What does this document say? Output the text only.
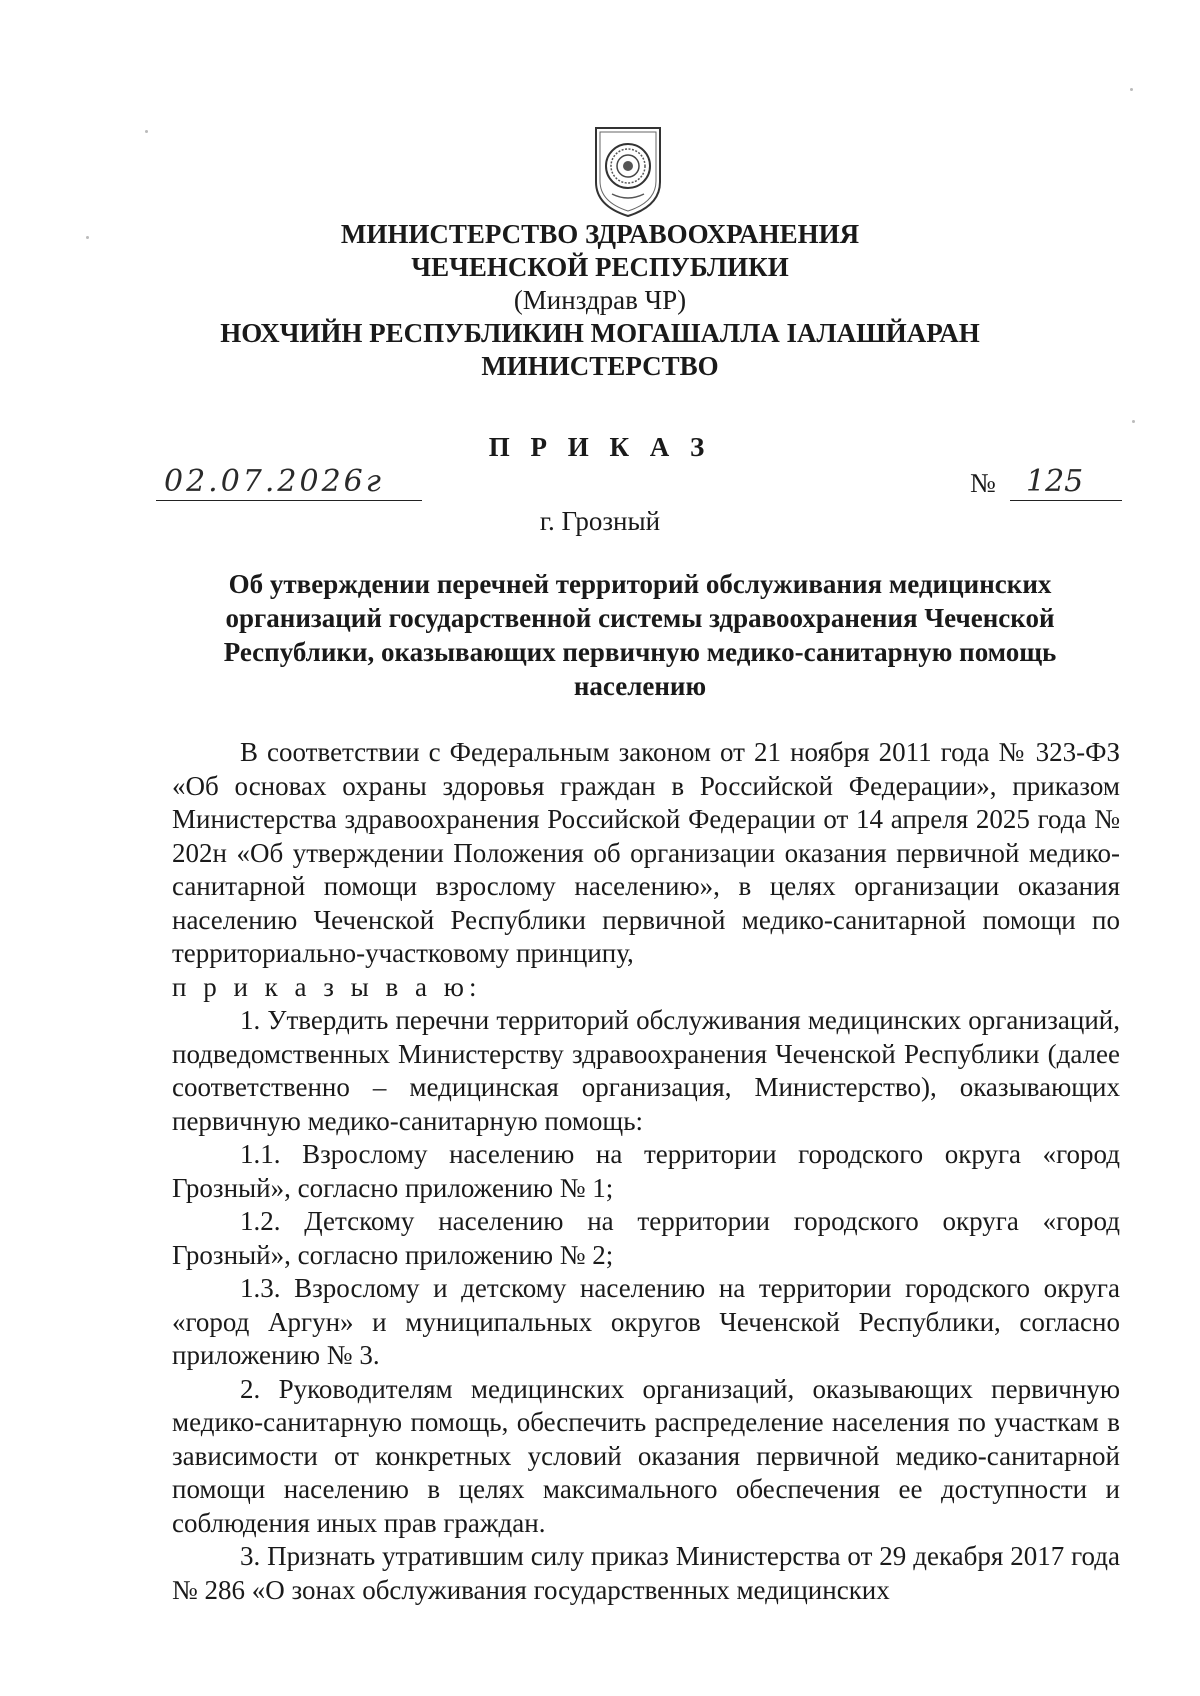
МИНИСТЕРСТВО ЗДРАВООХРАНЕНИЯ
ЧЕЧЕНСКОЙ РЕСПУБЛИКИ
(Минздрав ЧР)
НОХЧИЙН РЕСПУБЛИКИН МОГАШАЛЛА IАЛАШЙАРАН
МИНИСТЕРСТВО
П Р И К А З
02.07.2026г	№ 125
г. Грозный
Об утверждении перечней территорий обслуживания медицинских организаций государственной системы здравоохранения Чеченской Республики, оказывающих первичную медико-санитарную помощь населению

В соответствии с Федеральным законом от 21 ноября 2011 года № 323-ФЗ «Об основах охраны здоровья граждан в Российской Федерации», приказом Министерства здравоохранения Российской Федерации от 14 апреля 2025 года № 202н «Об утверждении Положения об организации оказания первичной медико-санитарной помощи взрослому населению», в целях организации оказания населению Чеченской Республики первичной медико-санитарной помощи по территориально-участковому принципу,

п р и к а з ы в а ю:

1. Утвердить перечни территорий обслуживания медицинских организаций, подведомственных Министерству здравоохранения Чеченской Республики (далее соответственно – медицинская организация, Министерство), оказывающих первичную медико-санитарную помощь:

1.1. Взрослому населению на территории городского округа «город Грозный», согласно приложению № 1;

1.2. Детскому населению на территории городского округа «город Грозный», согласно приложению № 2;

1.3. Взрослому и детскому населению на территории городского округа «город Аргун» и муниципальных округов Чеченской Республики, согласно приложению № 3.

2. Руководителям медицинских организаций, оказывающих первичную медико-санитарную помощь, обеспечить распределение населения по участкам в зависимости от конкретных условий оказания первичной медико-санитарной помощи населению в целях максимального обеспечения ее доступности и соблюдения иных прав граждан.

3. Признать утратившим силу приказ Министерства от 29 декабря 2017 года № 286 «О зонах обслуживания государственных медицинских
